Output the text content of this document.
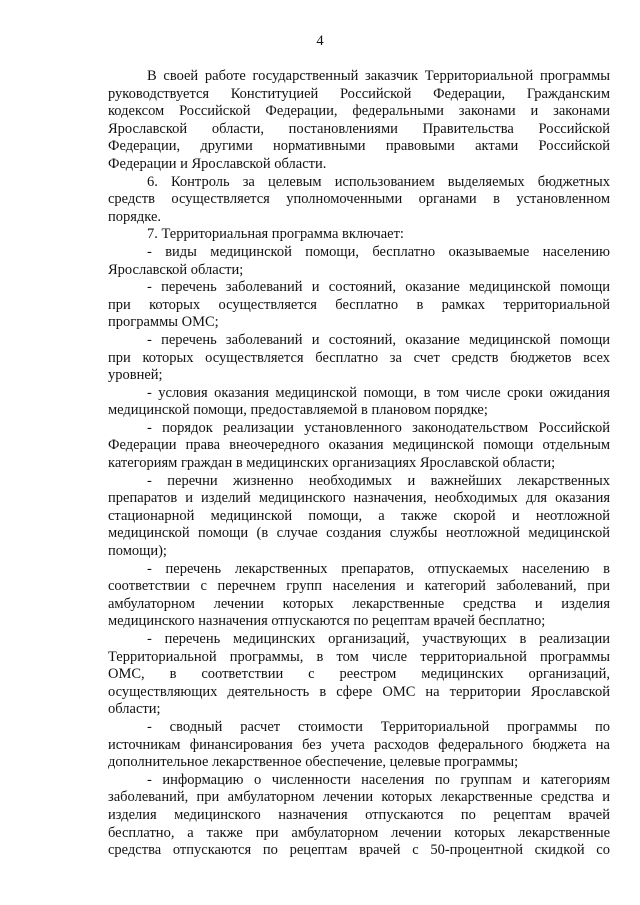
4
В своей работе государственный заказчик Территориальной программы
руководствуется Конституцией Российской Федерации, Гражданским
кодексом Российской Федерации, федеральными законами и законами
Ярославской области, постановлениями Правительства Российской
Федерации, другими нормативными правовыми актами Российской
Федерации и Ярославской области.
6. Контроль за целевым использованием выделяемых бюджетных
средств осуществляется уполномоченными органами в установленном
порядке.
7. Территориальная программа включает:
- виды медицинской помощи, бесплатно оказываемые населению
Ярославской области;
- перечень заболеваний и состояний, оказание медицинской помощи
при которых осуществляется бесплатно в рамках территориальной
программы ОМС;
- перечень заболеваний и состояний, оказание медицинской помощи
при которых осуществляется бесплатно за счет средств бюджетов всех
уровней;
- условия оказания медицинской помощи, в том числе сроки ожидания
медицинской помощи, предоставляемой в плановом порядке;
- порядок реализации установленного законодательством Российской
Федерации права внеочередного оказания медицинской помощи отдельным
категориям граждан в медицинских организациях Ярославской области;
- перечни жизненно необходимых и важнейших лекарственных
препаратов и изделий медицинского назначения, необходимых для оказания
стационарной медицинской помощи, а также скорой и неотложной
медицинской помощи (в случае создания службы неотложной медицинской
помощи);
- перечень лекарственных препаратов, отпускаемых населению в
соответствии с перечнем групп населения и категорий заболеваний, при
амбулаторном лечении которых лекарственные средства и изделия
медицинского назначения отпускаются по рецептам врачей бесплатно;
- перечень медицинских организаций, участвующих в реализации
Территориальной программы, в том числе территориальной программы
ОМС, в соответствии с реестром медицинских организаций,
осуществляющих деятельность в сфере ОМС на территории Ярославской
области;
- сводный расчет стоимости Территориальной программы по
источникам финансирования без учета расходов федерального бюджета на
дополнительное лекарственное обеспечение, целевые программы;
- информацию о численности населения по группам и категориям
заболеваний, при амбулаторном лечении которых лекарственные средства и
изделия медицинского назначения отпускаются по рецептам врачей
бесплатно, а также при амбулаторном лечении которых лекарственные
средства отпускаются по рецептам врачей с 50-процентной скидкой со
